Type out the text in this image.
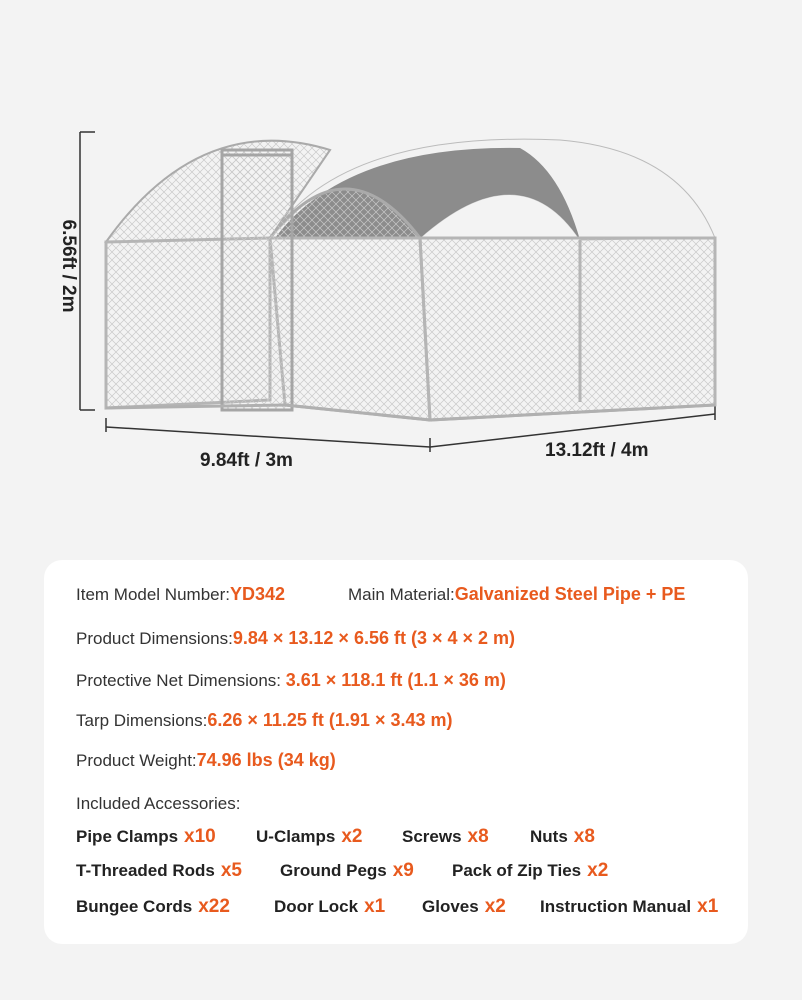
6.56ft / 2m
9.84ft / 3m	13.12ft / 4m
Item Model Number:YD342	Main Material:Galvanized Steel Pipe + PE
Product Dimensions:9.84 × 13.12 × 6.56 ft (3 × 4 × 2 m)
Protective Net Dimensions: 3.61 × 118.1 ft (1.1 × 36 m)
Tarp Dimensions:6.26 × 11.25 ft (1.91 × 3.43 m)
Product Weight:74.96 lbs (34 kg)
Included Accessories:
Pipe Clamps x10 U-Clamps x2 Screws x8 Nuts x8
T-Threaded Rods x5 Ground Pegs x9 Pack of Zip Ties x2
Bungee Cords x22	Door Lock x1 Gloves x2 Instruction Manual x1
